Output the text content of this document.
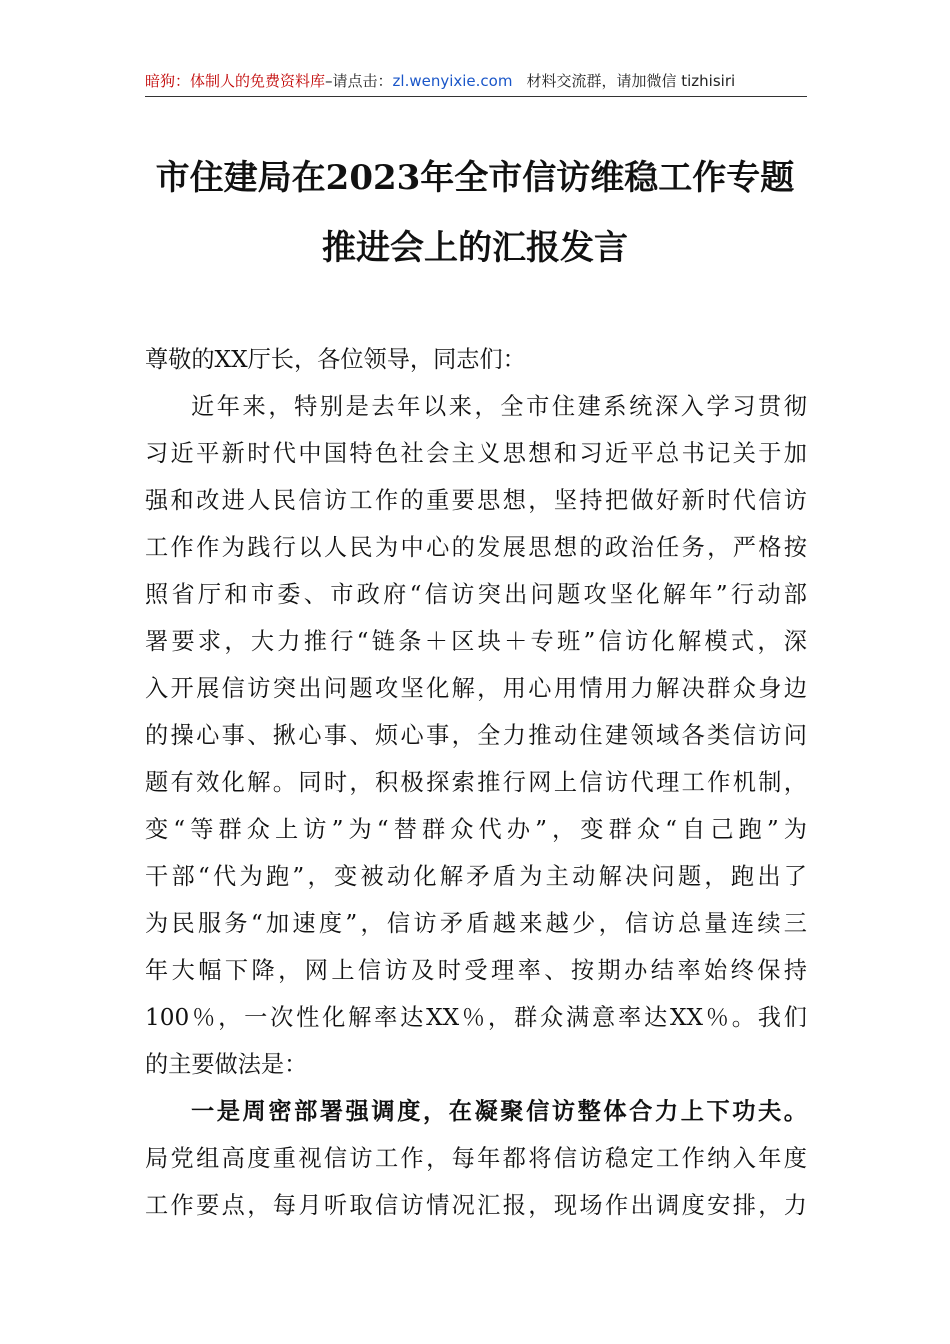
暗狗：体制人的免费资料库–请点击：zl.wenyixie.com 材料交流群，请加微信 tizhisiri
市住建局在2023年全市信访维稳工作专题
推进会上的汇报发言
尊敬的XX厅长，各位领导，同志们：
近年来，特别是去年以来，全市住建系统深入学习贯彻
习近平新时代中国特色社会主义思想和习近平总书记关于加
强和改进人民信访工作的重要思想，坚持把做好新时代信访
工作作为践行以人民为中心的发展思想的政治任务，严格按
照省厅和市委、市政府“信访突出问题攻坚化解年”行动部
署要求，大力推行“链条＋区块＋专班”信访化解模式，深
入开展信访突出问题攻坚化解，用心用情用力解决群众身边
的操心事、揪心事、烦心事，全力推动住建领域各类信访问
题有效化解。同时，积极探索推行网上信访代理工作机制，
变“等群众上访”为“替群众代办”，变群众“自己跑”为
干部“代为跑”，变被动化解矛盾为主动解决问题，跑出了
为民服务“加速度”，信访矛盾越来越少，信访总量连续三
年大幅下降，网上信访及时受理率、按期办结率始终保持
100％，一次性化解率达XX％，群众满意率达XX％。我们
的主要做法是：
一是周密部署强调度，在凝聚信访整体合力上下功夫。
局党组高度重视信访工作，每年都将信访稳定工作纳入年度
工作要点，每月听取信访情况汇报，现场作出调度安排，力
